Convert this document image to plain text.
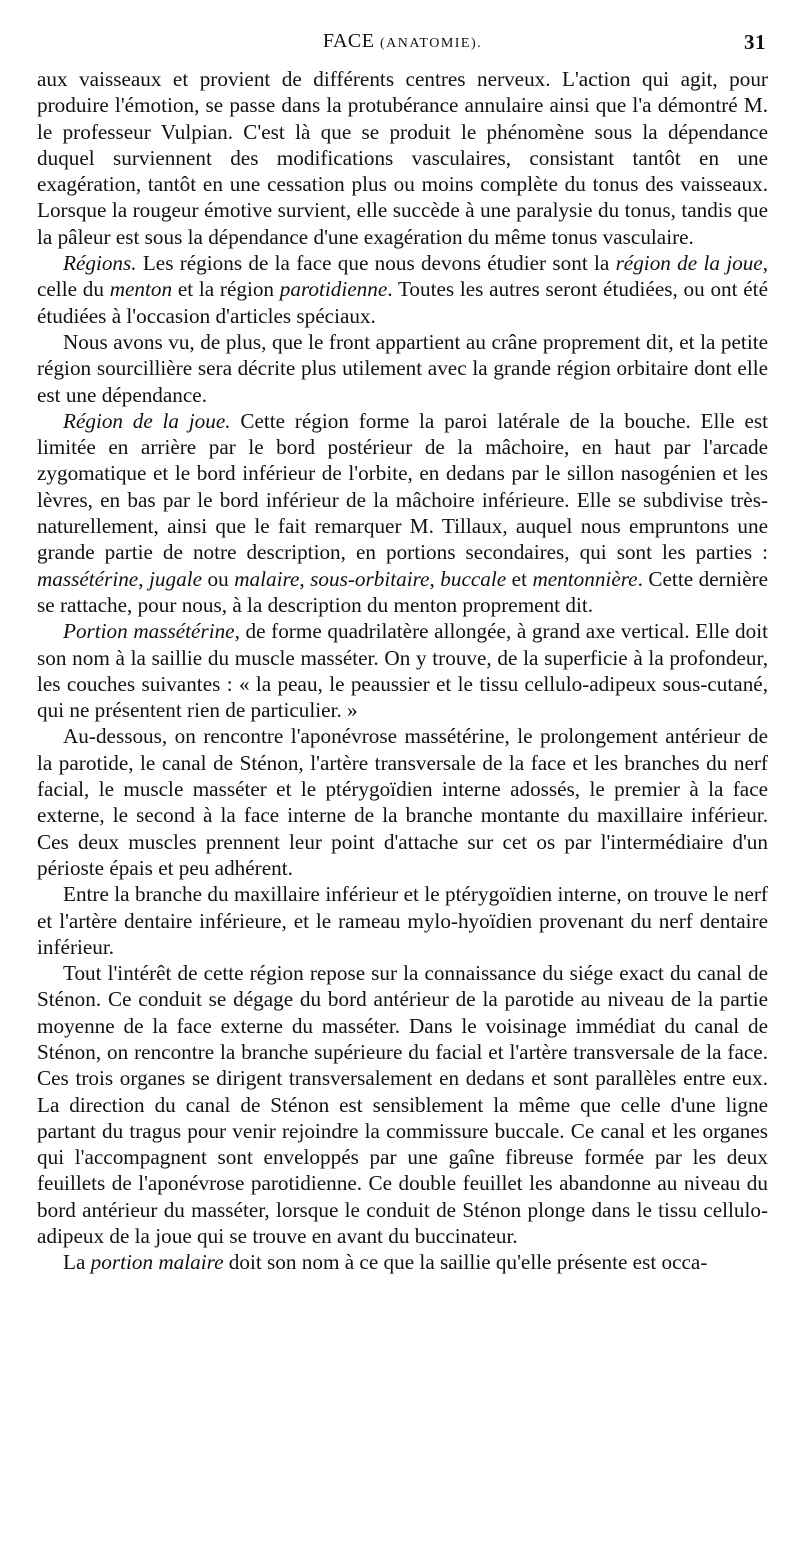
FACE (ANATOMIE).	31

aux vaisseaux et provient de différents centres nerveux. L'action qui agit, pour produire l'émotion, se passe dans la protubérance annulaire ainsi que l'a démontré M. le professeur Vulpian. C'est là que se produit le phénomène sous la dépendance duquel surviennent des modifications vasculaires, consistant tantôt en une exagération, tantôt en une cessation plus ou moins complète du tonus des vaisseaux. Lorsque la rougeur émotive survient, elle succède à une paralysie du tonus, tandis que la pâleur est sous la dépendance d'une exagération du même tonus vasculaire.

Régions. Les régions de la face que nous devons étudier sont la région de la joue, celle du menton et la région parotidienne. Toutes les autres seront étudiées, ou ont été étudiées à l'occasion d'articles spéciaux.

Nous avons vu, de plus, que le front appartient au crâne proprement dit, et la petite région sourcillière sera décrite plus utilement avec la grande région orbitaire dont elle est une dépendance.

Région de la joue. Cette région forme la paroi latérale de la bouche. Elle est limitée en arrière par le bord postérieur de la mâchoire, en haut par l'arcade zygomatique et le bord inférieur de l'orbite, en dedans par le sillon nasogénien et les lèvres, en bas par le bord inférieur de la mâchoire inférieure. Elle se subdivise très-naturellement, ainsi que le fait remarquer M. Tillaux, auquel nous empruntons une grande partie de notre description, en portions secondaires, qui sont les parties : massétérine, jugale ou malaire, sous-orbitaire, buccale et mentonnière. Cette dernière se rattache, pour nous, à la description du menton proprement dit.

Portion massétérine, de forme quadrilatère allongée, à grand axe vertical. Elle doit son nom à la saillie du muscle masséter. On y trouve, de la superficie à la profondeur, les couches suivantes : « la peau, le peaussier et le tissu cellulo-adipeux sous-cutané, qui ne présentent rien de particulier. »

Au-dessous, on rencontre l'aponévrose massétérine, le prolongement antérieur de la parotide, le canal de Sténon, l'artère transversale de la face et les branches du nerf facial, le muscle masséter et le ptérygoïdien interne adossés, le premier à la face externe, le second à la face interne de la branche montante du maxillaire inférieur. Ces deux muscles prennent leur point d'attache sur cet os par l'intermédiaire d'un périoste épais et peu adhérent.

Entre la branche du maxillaire inférieur et le ptérygoïdien interne, on trouve le nerf et l'artère dentaire inférieure, et le rameau mylo-hyoïdien provenant du nerf dentaire inférieur.

Tout l'intérêt de cette région repose sur la connaissance du siége exact du canal de Sténon. Ce conduit se dégage du bord antérieur de la parotide au niveau de la partie moyenne de la face externe du masséter. Dans le voisinage immédiat du canal de Sténon, on rencontre la branche supérieure du facial et l'artère transversale de la face. Ces trois organes se dirigent transversalement en dedans et sont parallèles entre eux. La direction du canal de Sténon est sensiblement la même que celle d'une ligne partant du tragus pour venir rejoindre la commissure buccale. Ce canal et les organes qui l'accompagnent sont enveloppés par une gaîne fibreuse formée par les deux feuillets de l'aponévrose parotidienne. Ce double feuillet les abandonne au niveau du bord antérieur du masséter, lorsque le conduit de Sténon plonge dans le tissu cellulo-adipeux de la joue qui se trouve en avant du buccinateur.

La portion malaire doit son nom à ce que la saillie qu'elle présente est occa-
